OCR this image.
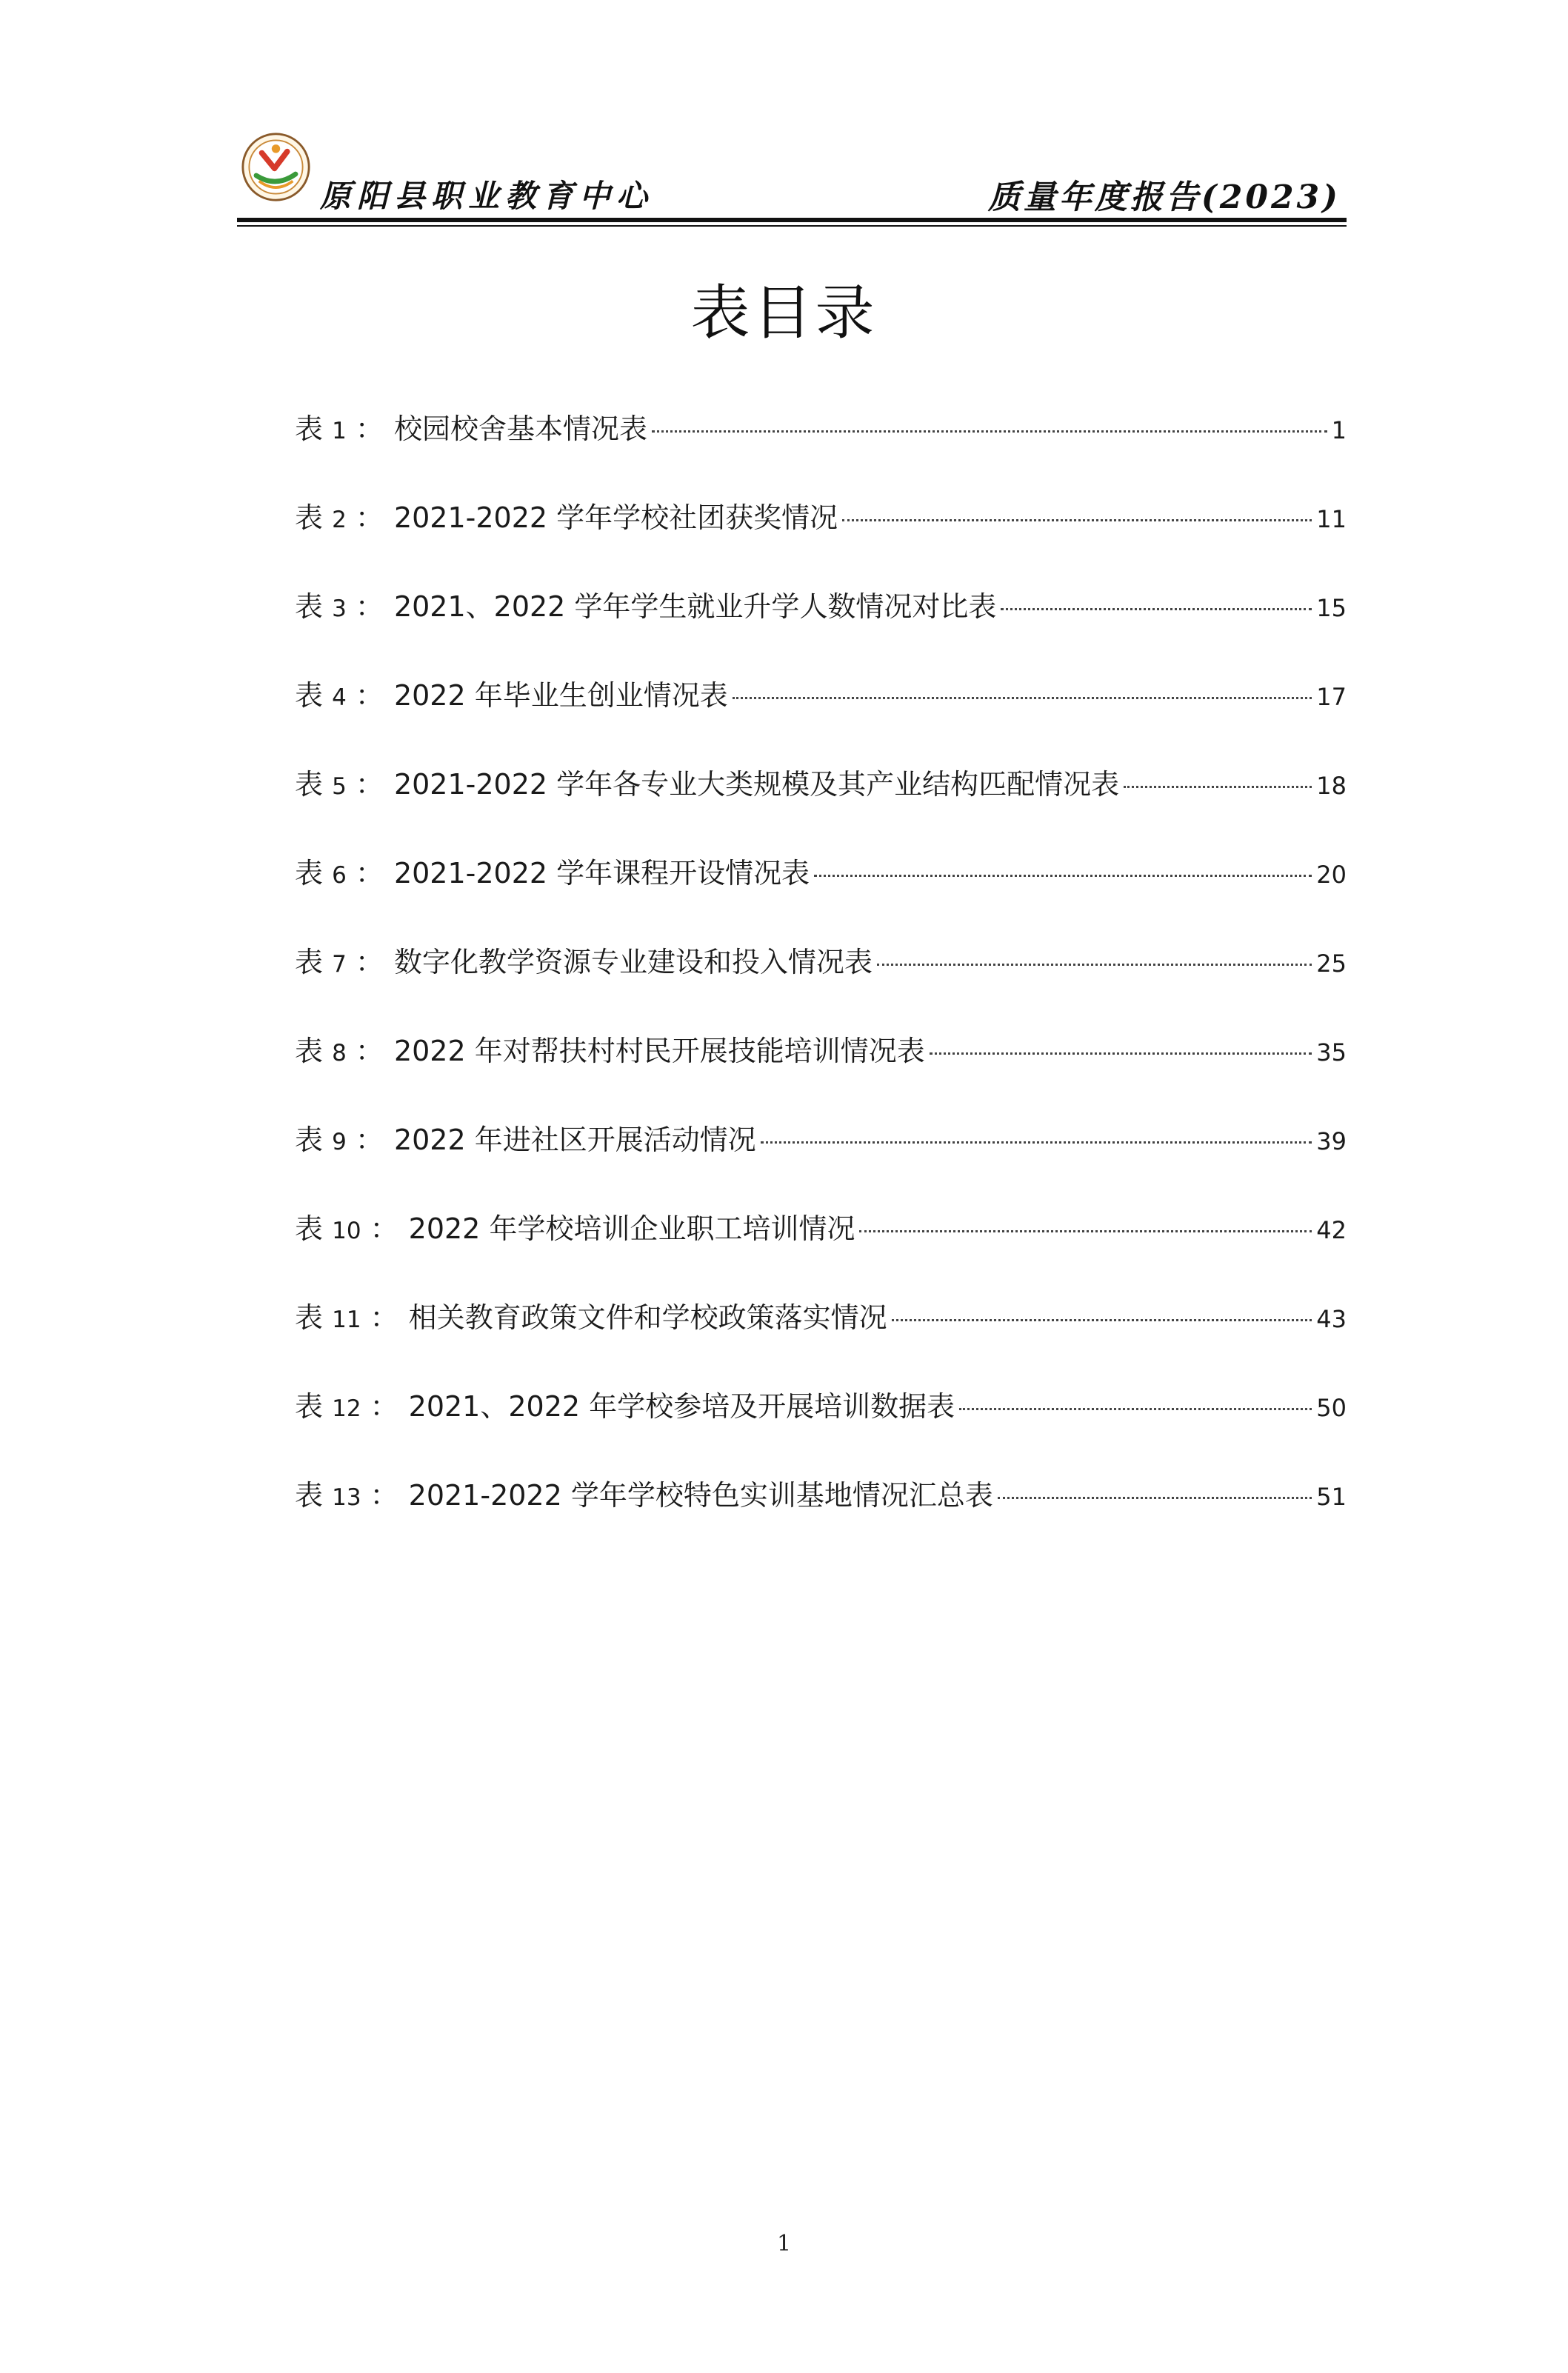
原阳县职业教育中心	质量年度报告(2023)
表目录
表 1 ： 校园校舍基本情况表	1
表 2 ： 2021-2022 学年学校社团获奖情况	11
表 3 ： 2021、2022 学年学生就业升学人数情况对比表	15
表 4 ： 2022 年毕业生创业情况表	17
表 5 ： 2021-2022 学年各专业大类规模及其产业结构匹配情况表	18
表 6 ： 2021-2022 学年课程开设情况表	20
表 7 ： 数字化教学资源专业建设和投入情况表	25
表 8 ： 2022 年对帮扶村村民开展技能培训情况表	35
表 9 ： 2022 年进社区开展活动情况	39
表 10 ： 2022 年学校培训企业职工培训情况	42
表 11 ： 相关教育政策文件和学校政策落实情况	43
表 12 ： 2021、2022 年学校参培及开展培训数据表	50
表 13 ： 2021-2022 学年学校特色实训基地情况汇总表	51
1
